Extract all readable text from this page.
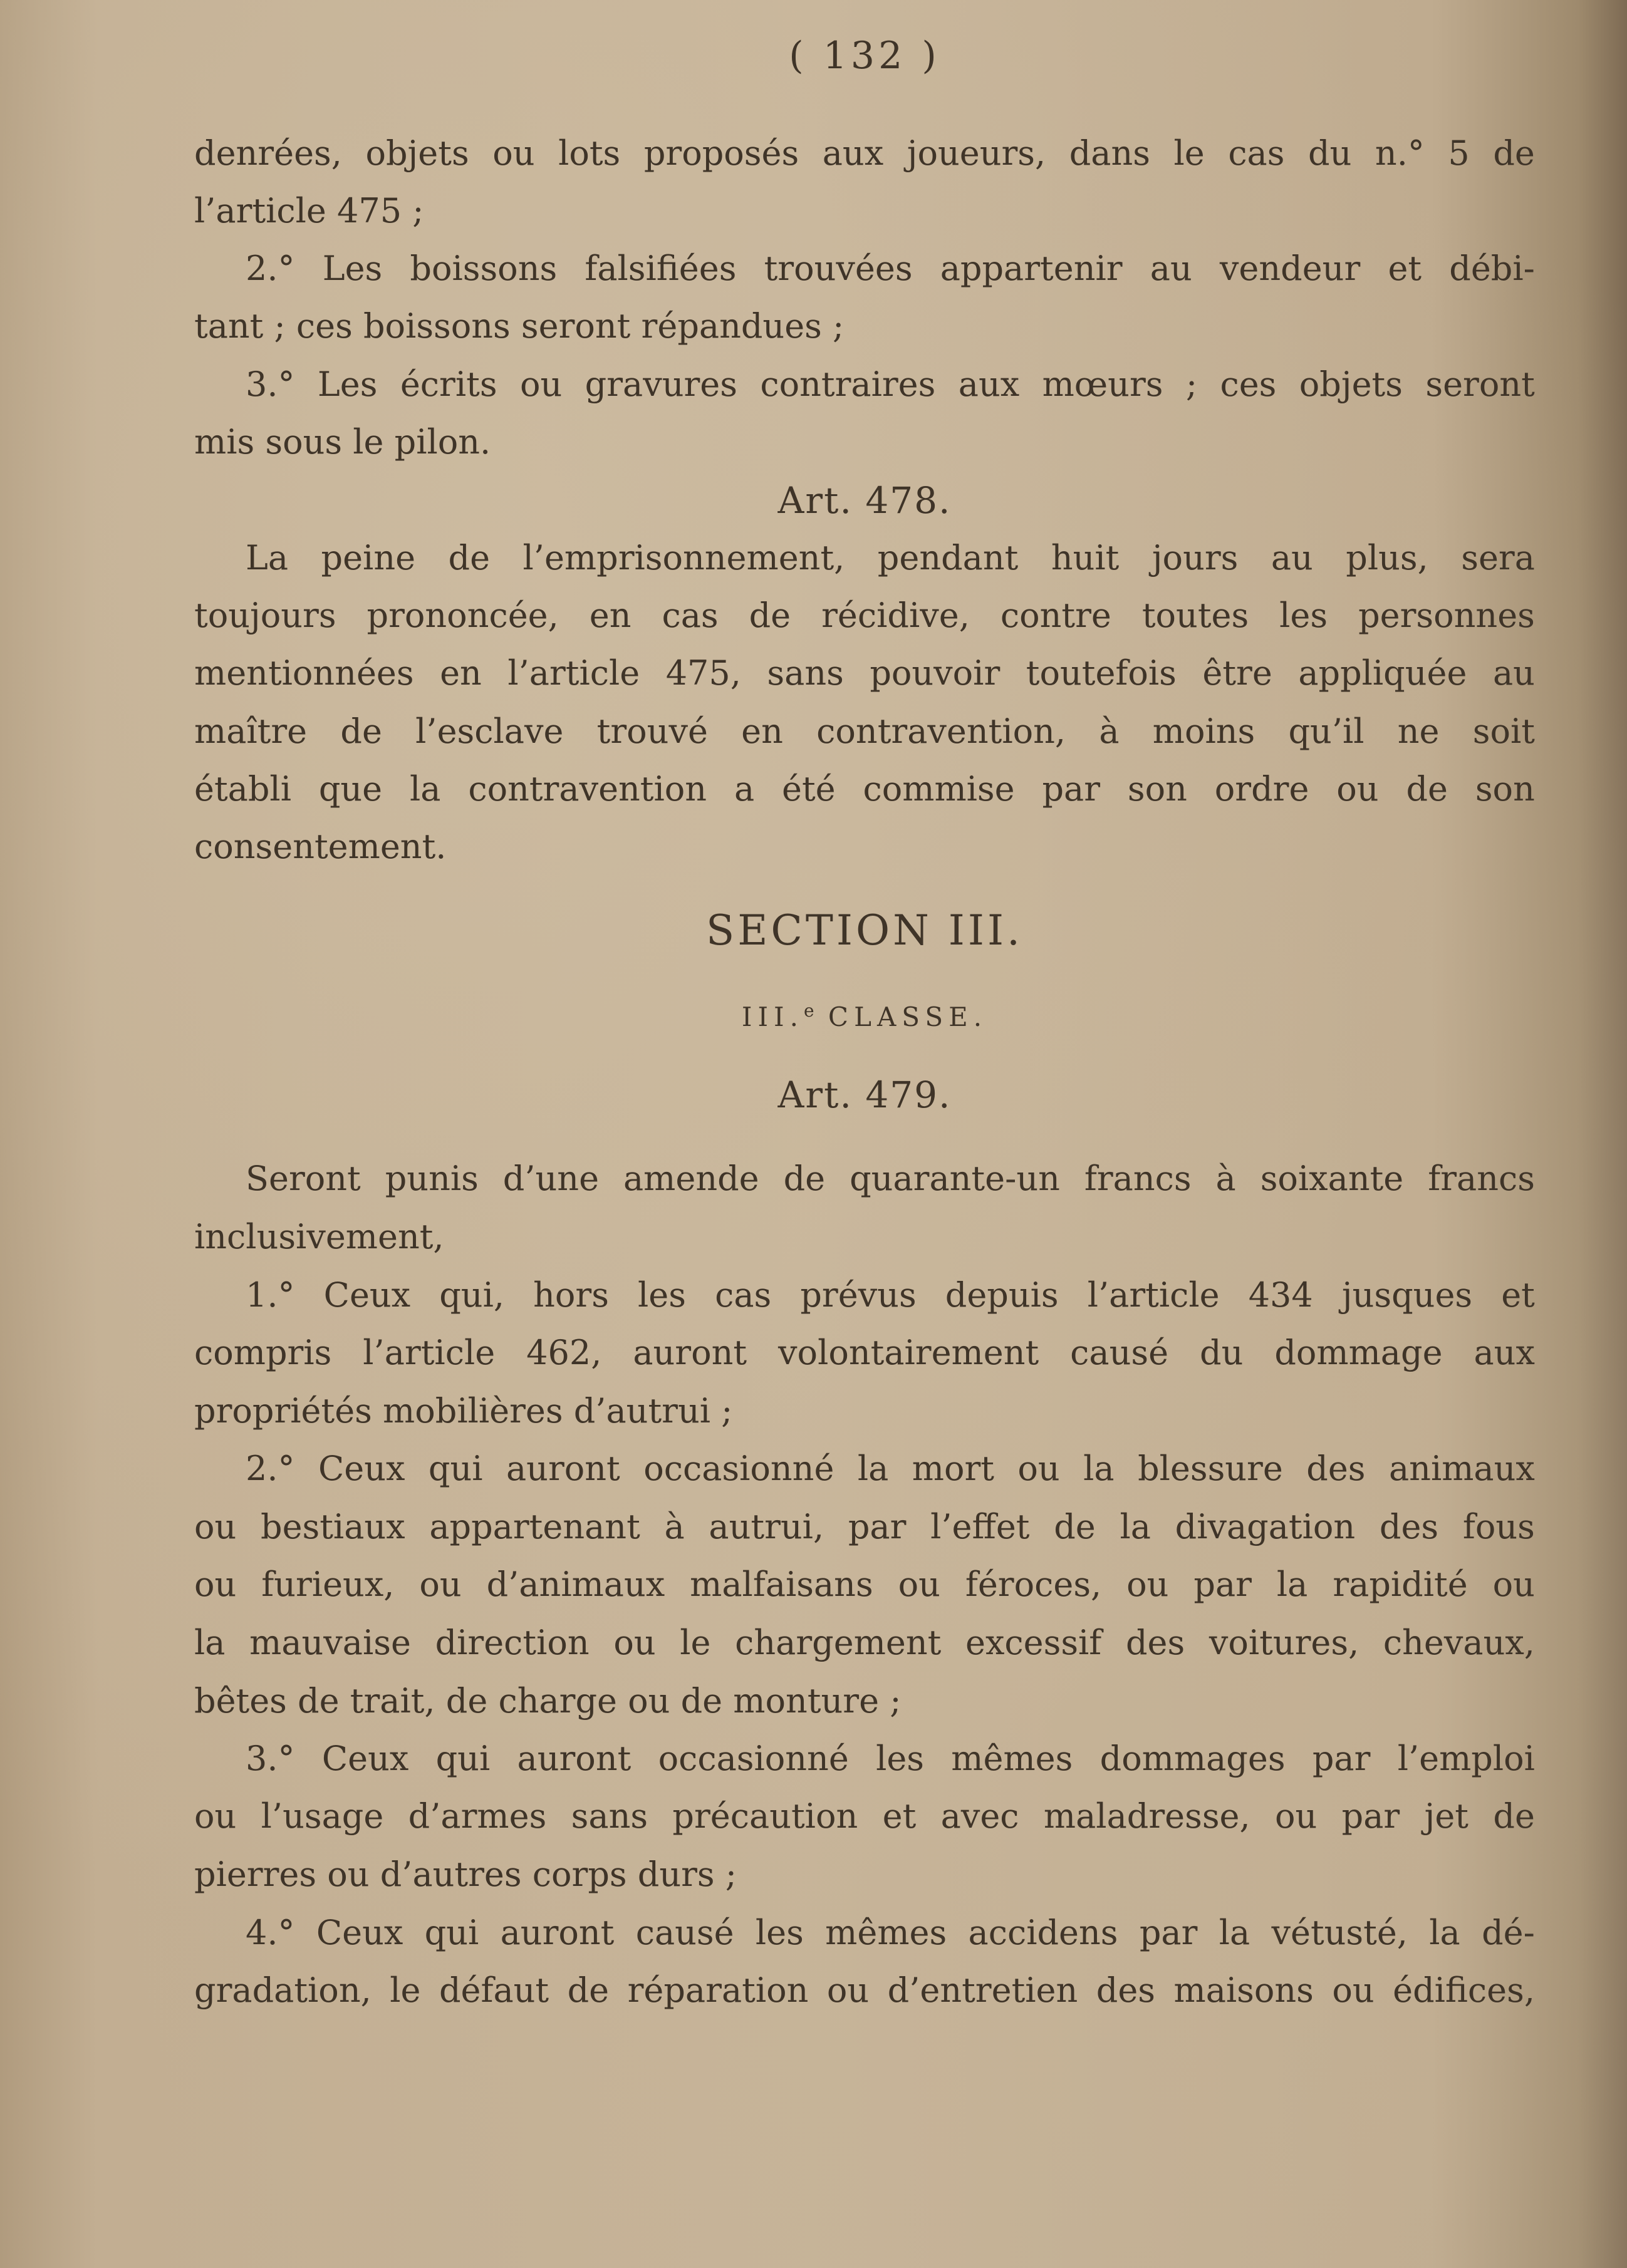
( 132 )
denrées, objets ou lots proposés aux joueurs, dans le cas du n.° 5 de
l’article 475 ;
2.° Les boissons falsifiées trouvées appartenir au vendeur et débi-
tant ; ces boissons seront répandues ;
3.° Les écrits ou gravures contraires aux mœurs ; ces objets seront
mis sous le pilon.
Art. 478.
La peine de l’emprisonnement, pendant huit jours au plus, sera
toujours prononcée, en cas de récidive, contre toutes les personnes
mentionnées en l’article 475, sans pouvoir toutefois être appliquée au
maître de l’esclave trouvé en contravention, à moins qu’il ne soit
établi que la contravention a été commise par son ordre ou de son
consentement.
SECTION III.
III.$^e$ CLASSE.
Art. 479.
Seront punis d’une amende de quarante-un francs à soixante francs
inclusivement,
1.° Ceux qui, hors les cas prévus depuis l’article 434 jusques et
compris l’article 462, auront volontairement causé du dommage aux
propriétés mobilières d’autrui ;
2.° Ceux qui auront occasionné la mort ou la blessure des animaux
ou bestiaux appartenant à autrui, par l’effet de la divagation des fous
ou furieux, ou d’animaux malfaisans ou féroces, ou par la rapidité ou
la mauvaise direction ou le chargement excessif des voitures, chevaux,
bêtes de trait, de charge ou de monture ;
3.° Ceux qui auront occasionné les mêmes dommages par l’emploi
ou l’usage d’armes sans précaution et avec maladresse, ou par jet de
pierres ou d’autres corps durs ;
4.° Ceux qui auront causé les mêmes accidens par la vétusté, la dé-
gradation, le défaut de réparation ou d’entretien des maisons ou édifices,
